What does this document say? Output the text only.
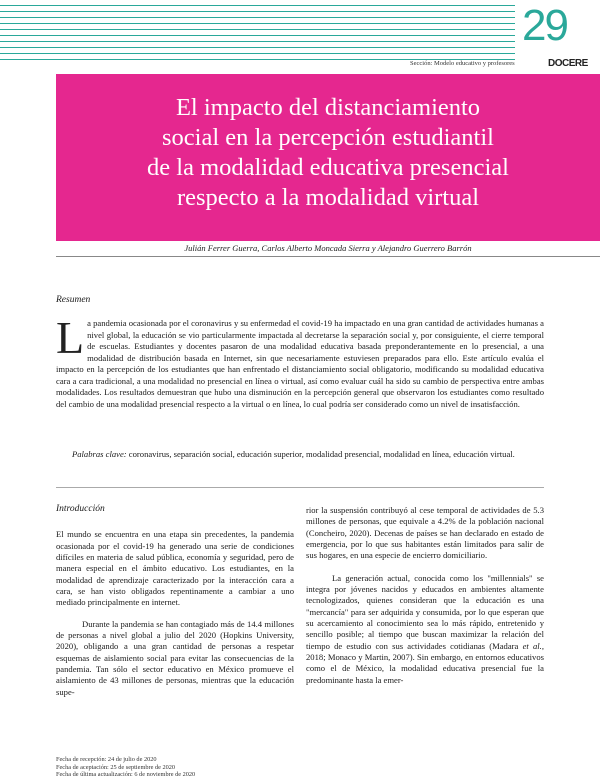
29
Sección: Modelo educativo y profesores	DOCERE
El impacto del distanciamiento
social en la percepción estudiantil
de la modalidad educativa presencial
respecto a la modalidad virtual
Julián Ferrer Guerra, Carlos Alberto Moncada Sierra y Alejandro Guerrero Barrón
Resumen
La pandemia ocasionada por el coronavirus y su enfermedad el covid-19 ha impactado en una gran cantidad de actividades humanas a nivel global, la educación se vio particularmente impactada al decretarse la separación social y, por consiguiente, el cierre temporal de escuelas. Estudiantes y docentes pasaron de una modalidad educativa basada preponderantemente en lo presencial, a una modalidad de distribución basada en Internet, sin que necesariamente estuviesen preparados para ello. Este artículo evalúa el impacto en la percepción de los estudiantes que han enfrentado el distanciamiento social obligatorio, modificando su modalidad educativa cara a cara tradicional, a una modalidad no presencial en línea o virtual, así como evaluar cuál ha sido su cambio de perspectiva entre ambas modalidades. Los resultados demuestran que hubo una disminución en la percepción general que observaron los estudiantes como resultado del cambio de una modalidad presencial respecto a la virtual o en línea, lo cual podría ser considerado como un nivel de insatisfacción.
Palabras clave: coronavirus, separación social, educación superior, modalidad presencial, modalidad en línea, educación virtual.
Introducción

El mundo se encuentra en una etapa sin precedentes, la pandemia ocasionada por el covid-19 ha generado una serie de condiciones difíciles en materia de salud pública, economía y seguridad, pero de manera especial en el ámbito educativo. Los estudiantes, en la modalidad de aprendizaje caracterizado por la interacción cara a cara, se han visto obligados repentinamente a cambiar a uno mediado principalmente en internet.

Durante la pandemia se han contagiado más de 14.4 millones de personas a nivel global a julio del 2020 (Hopkins University, 2020), obligando a una gran cantidad de personas a respetar esquemas de aislamiento social para evitar las consecuencias de la pandemia. Tan sólo el sector educativo en México promueve el aislamiento de 43 millones de personas, mientras que la educación supe-

rior la suspensión contribuyó al cese temporal de actividades de 5.3 millones de personas, que equivale a 4.2% de la población nacional (Concheiro, 2020). Decenas de países se han declarado en estado de emergencia, por lo que sus habitantes están limitados para salir de sus hogares, en una especie de encierro domiciliario.

La generación actual, conocida como los "millennials" se integra por jóvenes nacidos y educados en ambientes altamente tecnologizados, quienes consideran que la educación es una "mercancía" para ser adquirida y consumida, por lo que esperan que su acercamiento al conocimiento sea lo más rápido, entretenido y sencillo posible; al tiempo que buscan maximizar la relación del tiempo de estudio con sus actividades cotidianas (Madara et al., 2018; Monaco y Martin, 2007). Sin embargo, en entornos educativos como el de México, la modalidad educativa presencial fue la predominante hasta la emer-

Fecha de recepción: 24 de julio de 2020
Fecha de aceptación: 25 de septiembre de 2020
Fecha de última actualización: 6 de noviembre de 2020
